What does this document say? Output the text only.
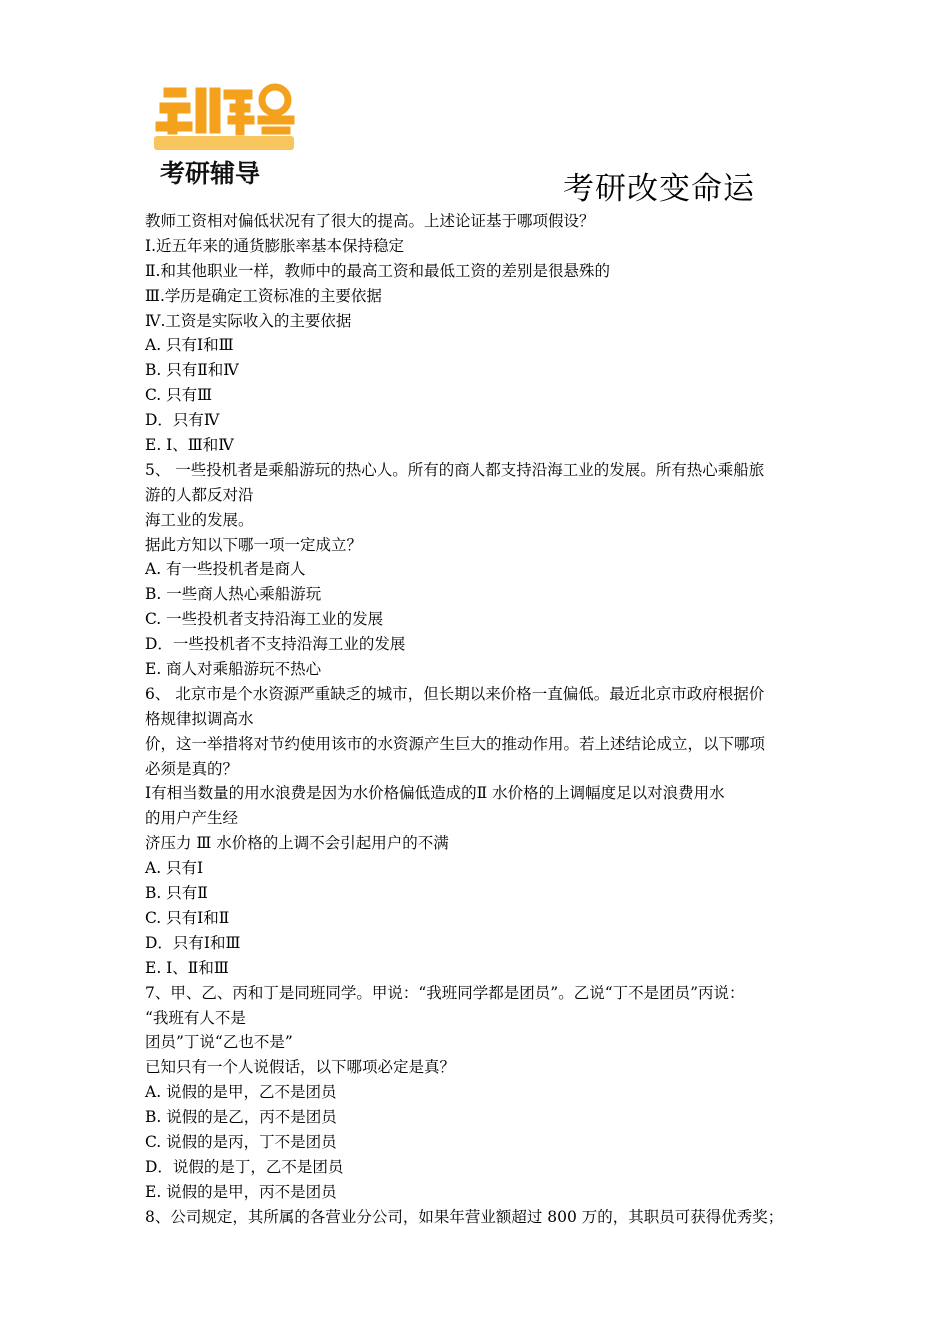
考研辅导	考研改变命运
教师工资相对偏低状况有了很大的提高。上述论证基于哪项假设？
Ⅰ.近五年来的通货膨胀率基本保持稳定
Ⅱ.和其他职业一样，教师中的最高工资和最低工资的差别是很悬殊的
Ⅲ.学历是确定工资标准的主要依据
Ⅳ.工资是实际收入的主要依据
A. 只有Ⅰ和Ⅲ
B. 只有Ⅱ和Ⅳ
C. 只有Ⅲ
D．只有Ⅳ
E. Ⅰ、Ⅲ和Ⅳ
5、 一些投机者是乘船游玩的热心人。所有的商人都支持沿海工业的发展。所有热心乘船旅
游的人都反对沿
海工业的发展。
据此方知以下哪一项一定成立？
A. 有一些投机者是商人
B. 一些商人热心乘船游玩
C. 一些投机者支持沿海工业的发展
D．一些投机者不支持沿海工业的发展
E. 商人对乘船游玩不热心
6、 北京市是个水资源严重缺乏的城市，但长期以来价格一直偏低。最近北京市政府根据价
格规律拟调高水
价，这一举措将对节约使用该市的水资源产生巨大的推动作用。若上述结论成立，以下哪项
必须是真的？
Ⅰ有相当数量的用水浪费是因为水价格偏低造成的Ⅱ 水价格的上调幅度足以对浪费用水
的用户产生经
济压力 Ⅲ 水价格的上调不会引起用户的不满
A. 只有Ⅰ
B. 只有Ⅱ
C. 只有Ⅰ和Ⅱ
D．只有Ⅰ和Ⅲ
E. Ⅰ、Ⅱ和Ⅲ
7、甲、乙、丙和丁是同班同学。甲说：“我班同学都是团员”。乙说“丁不是团员”丙说：
“我班有人不是
团员”丁说“乙也不是”
已知只有一个人说假话，以下哪项必定是真？
A. 说假的是甲，乙不是团员
B. 说假的是乙，丙不是团员
C. 说假的是丙，丁不是团员
D．说假的是丁，乙不是团员
E. 说假的是甲，丙不是团员
8、公司规定，其所属的各营业分公司，如果年营业额超过 800 万的，其职员可获得优秀奖；
